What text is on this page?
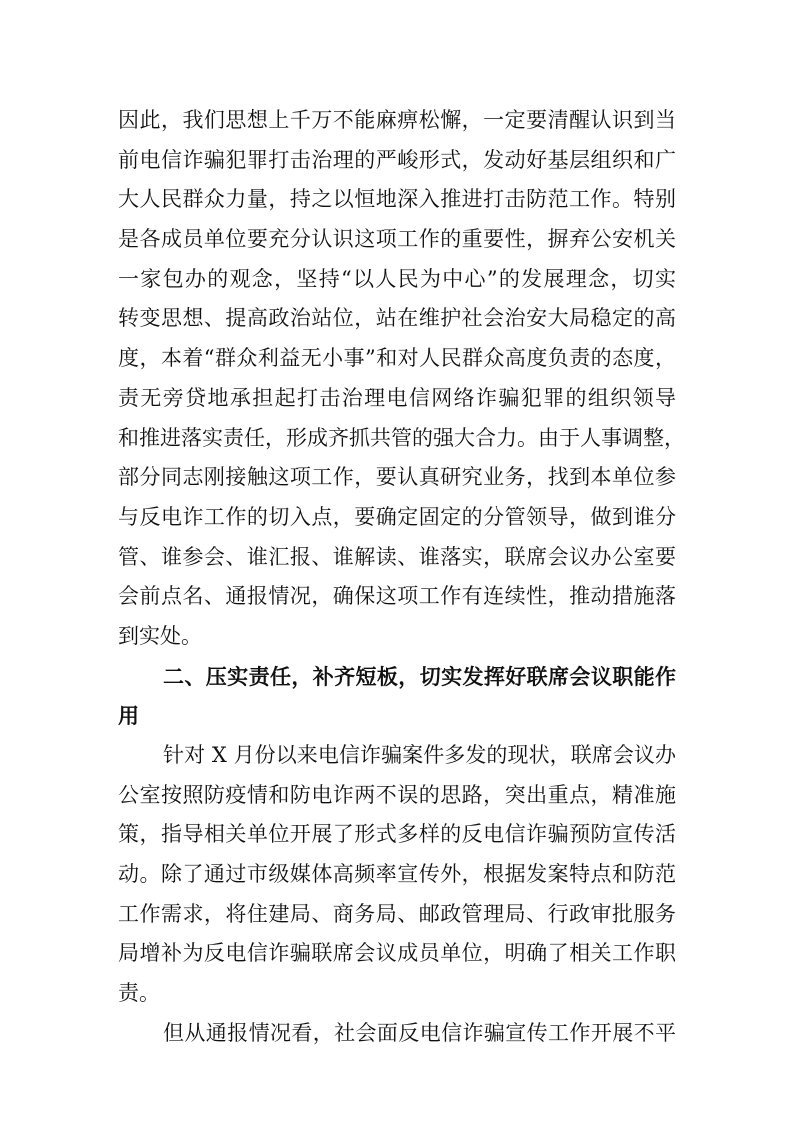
因此，我们思想上千万不能麻痹松懈，一定要清醒认识到当
前电信诈骗犯罪打击治理的严峻形式，发动好基层组织和广
大人民群众力量，持之以恒地深入推进打击防范工作。特别
是各成员单位要充分认识这项工作的重要性，摒弃公安机关
一家包办的观念，坚持“以人民为中心”的发展理念，切实
转变思想、提高政治站位，站在维护社会治安大局稳定的高
度，本着“群众利益无小事”和对人民群众高度负责的态度，
责无旁贷地承担起打击治理电信网络诈骗犯罪的组织领导
和推进落实责任，形成齐抓共管的强大合力。由于人事调整，
部分同志刚接触这项工作，要认真研究业务，找到本单位参
与反电诈工作的切入点，要确定固定的分管领导，做到谁分
管、谁参会、谁汇报、谁解读、谁落实，联席会议办公室要
会前点名、通报情况，确保这项工作有连续性，推动措施落
到实处。
二、压实责任，补齐短板，切实发挥好联席会议职能作
用
针对 X 月份以来电信诈骗案件多发的现状，联席会议办
公室按照防疫情和防电诈两不误的思路，突出重点，精准施
策，指导相关单位开展了形式多样的反电信诈骗预防宣传活
动。除了通过市级媒体高频率宣传外，根据发案特点和防范
工作需求，将住建局、商务局、邮政管理局、行政审批服务
局增补为反电信诈骗联席会议成员单位，明确了相关工作职
责。
但从通报情况看，社会面反电信诈骗宣传工作开展不平
